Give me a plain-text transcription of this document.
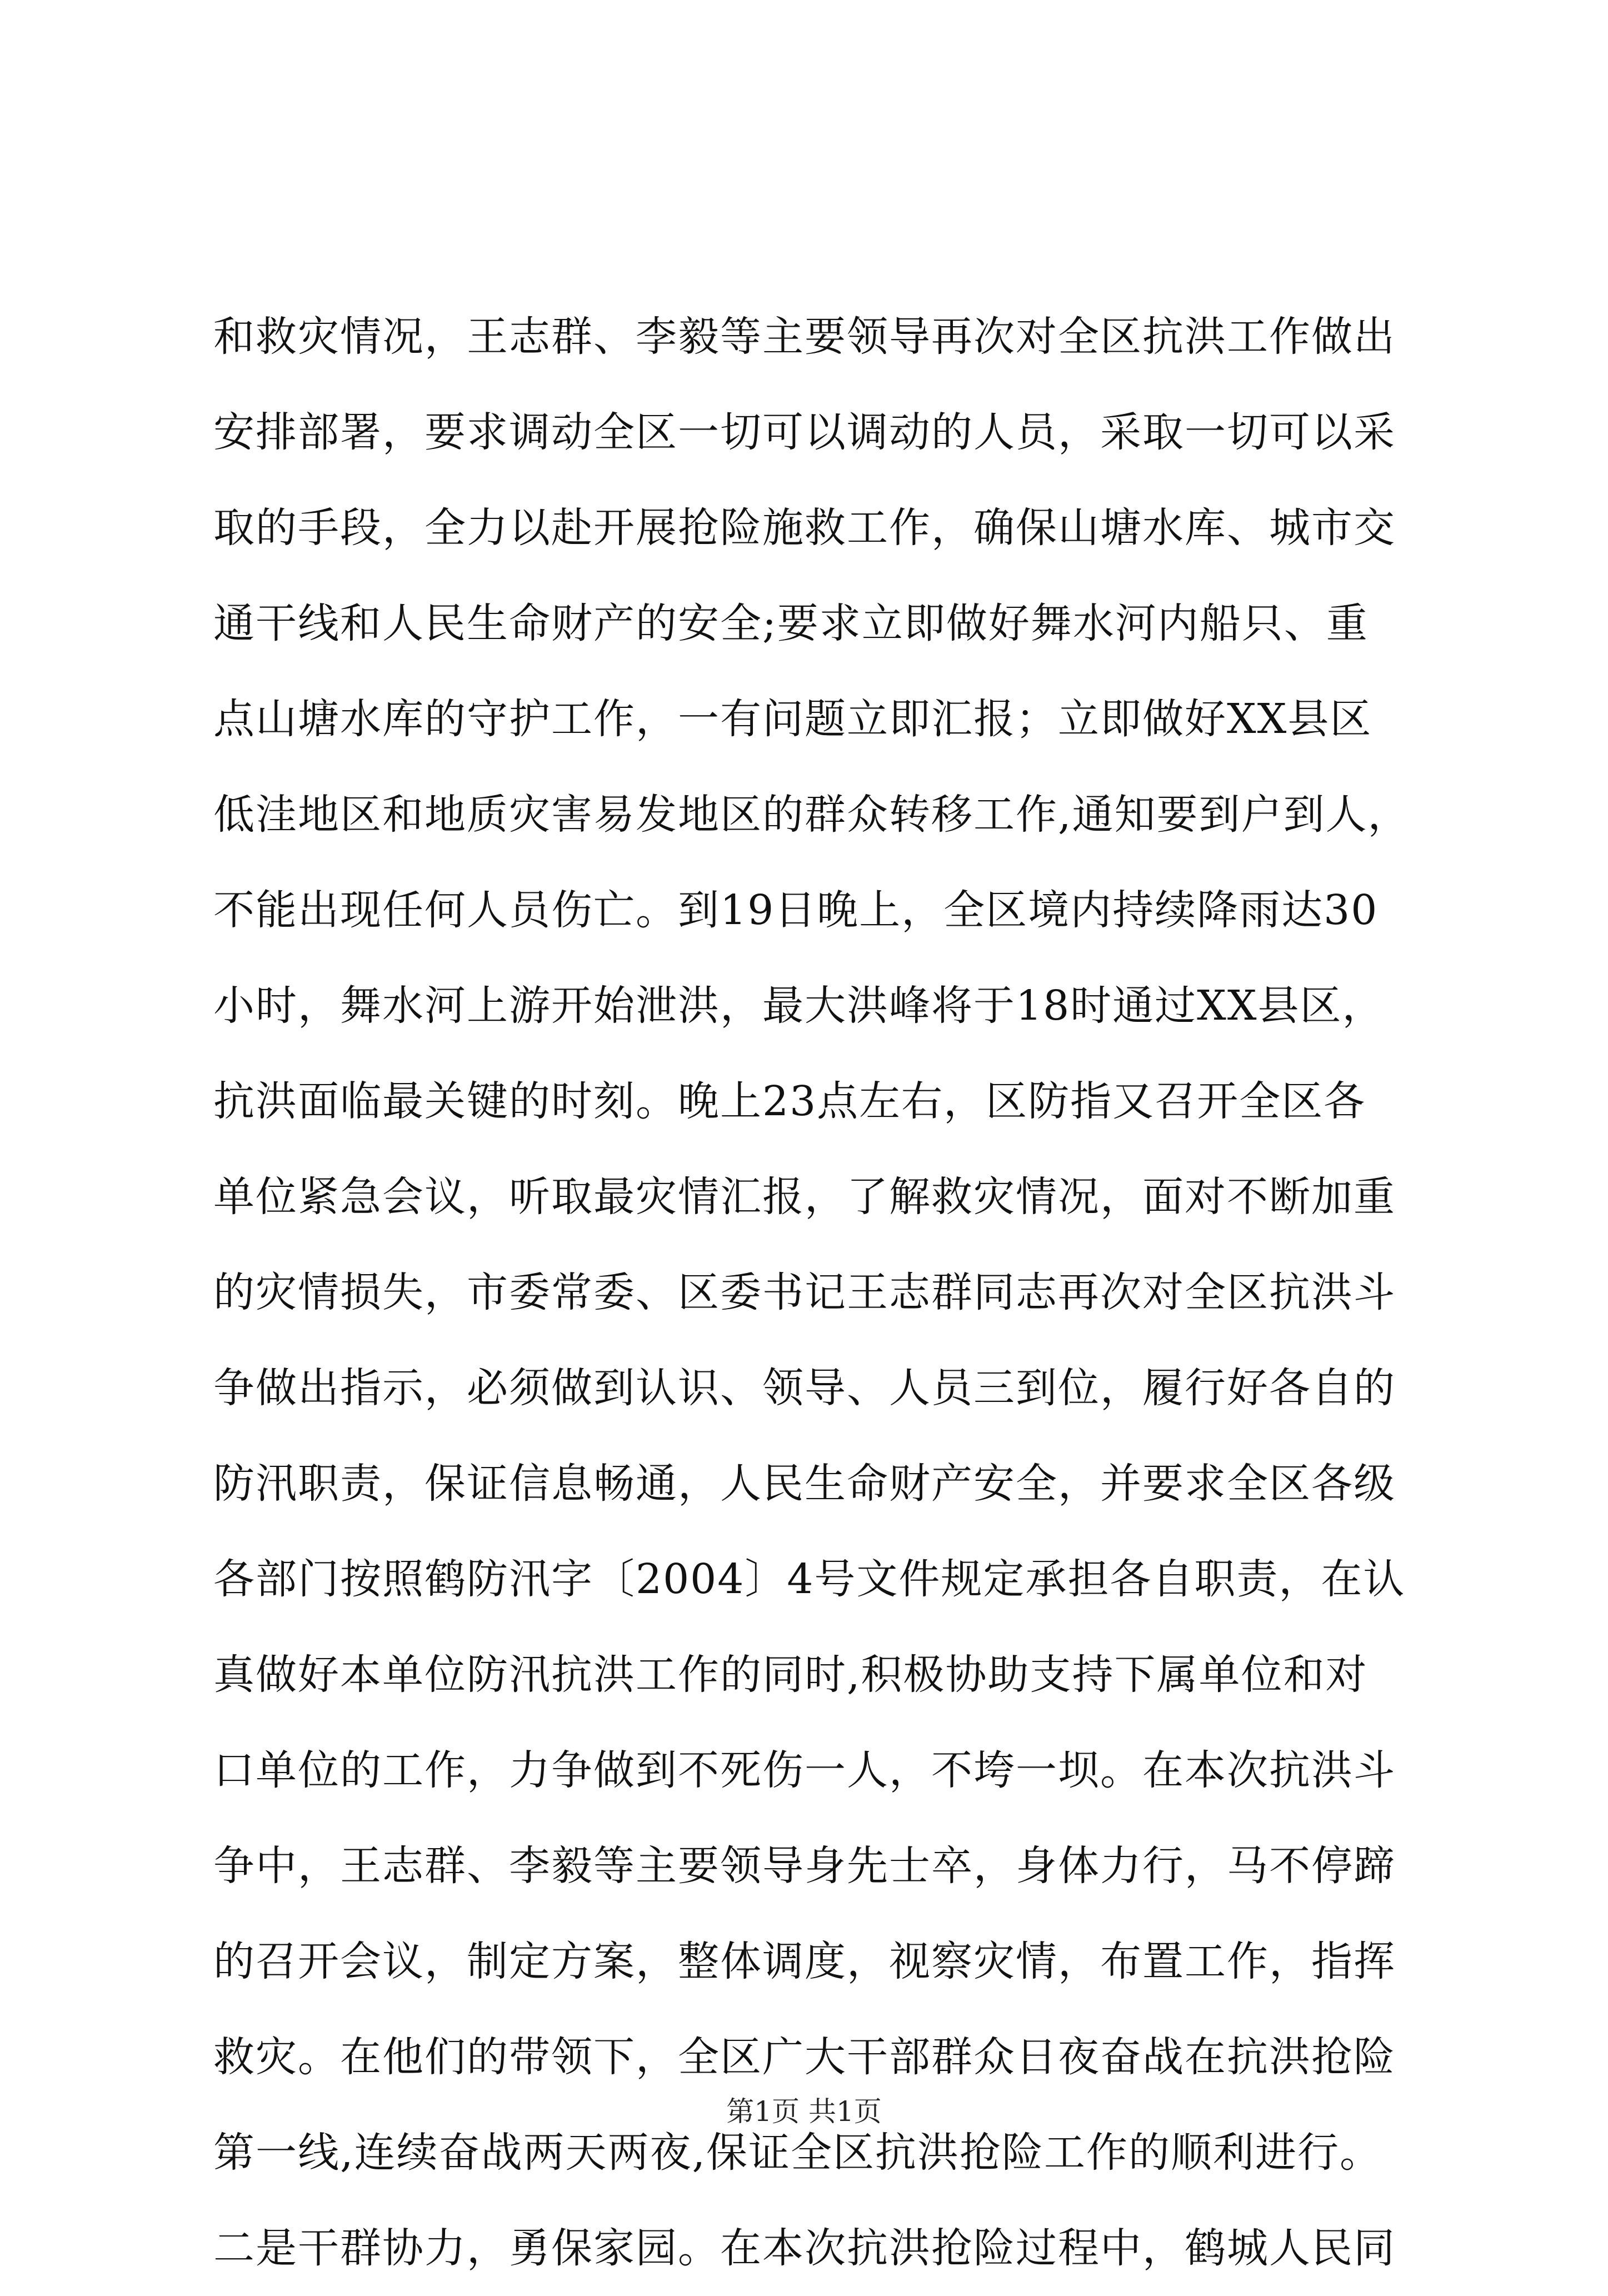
和救灾情况，王志群、李毅等主要领导再次对全区抗洪工作做出
安排部署，要求调动全区一切可以调动的人员，采取一切可以采
取的手段，全力以赴开展抢险施救工作，确保山塘水库、城市交
通干线和人民生命财产的安全;要求立即做好舞水河内船只、重
点山塘水库的守护工作，一有问题立即汇报；立即做好XX县区
低洼地区和地质灾害易发地区的群众转移工作,通知要到户到人，
不能出现任何人员伤亡。到19日晚上，全区境内持续降雨达30
小时，舞水河上游开始泄洪，最大洪峰将于18时通过XX县区，
抗洪面临最关键的时刻。晚上23点左右，区防指又召开全区各
单位紧急会议，听取最灾情汇报，了解救灾情况，面对不断加重
的灾情损失，市委常委、区委书记王志群同志再次对全区抗洪斗
争做出指示，必须做到认识、领导、人员三到位，履行好各自的
防汛职责，保证信息畅通，人民生命财产安全，并要求全区各级
各部门按照鹤防汛字〔2004〕4号文件规定承担各自职责，在认
真做好本单位防汛抗洪工作的同时,积极协助支持下属单位和对
口单位的工作，力争做到不死伤一人，不垮一坝。在本次抗洪斗
争中，王志群、李毅等主要领导身先士卒，身体力行，马不停蹄
的召开会议，制定方案，整体调度，视察灾情，布置工作，指挥
救灾。在他们的带领下，全区广大干部群众日夜奋战在抗洪抢险
第一线,连续奋战两天两夜,保证全区抗洪抢险工作的顺利进行。
二是干群协力，勇保家园。在本次抗洪抢险过程中，鹤城人民同
第1页 共1页
